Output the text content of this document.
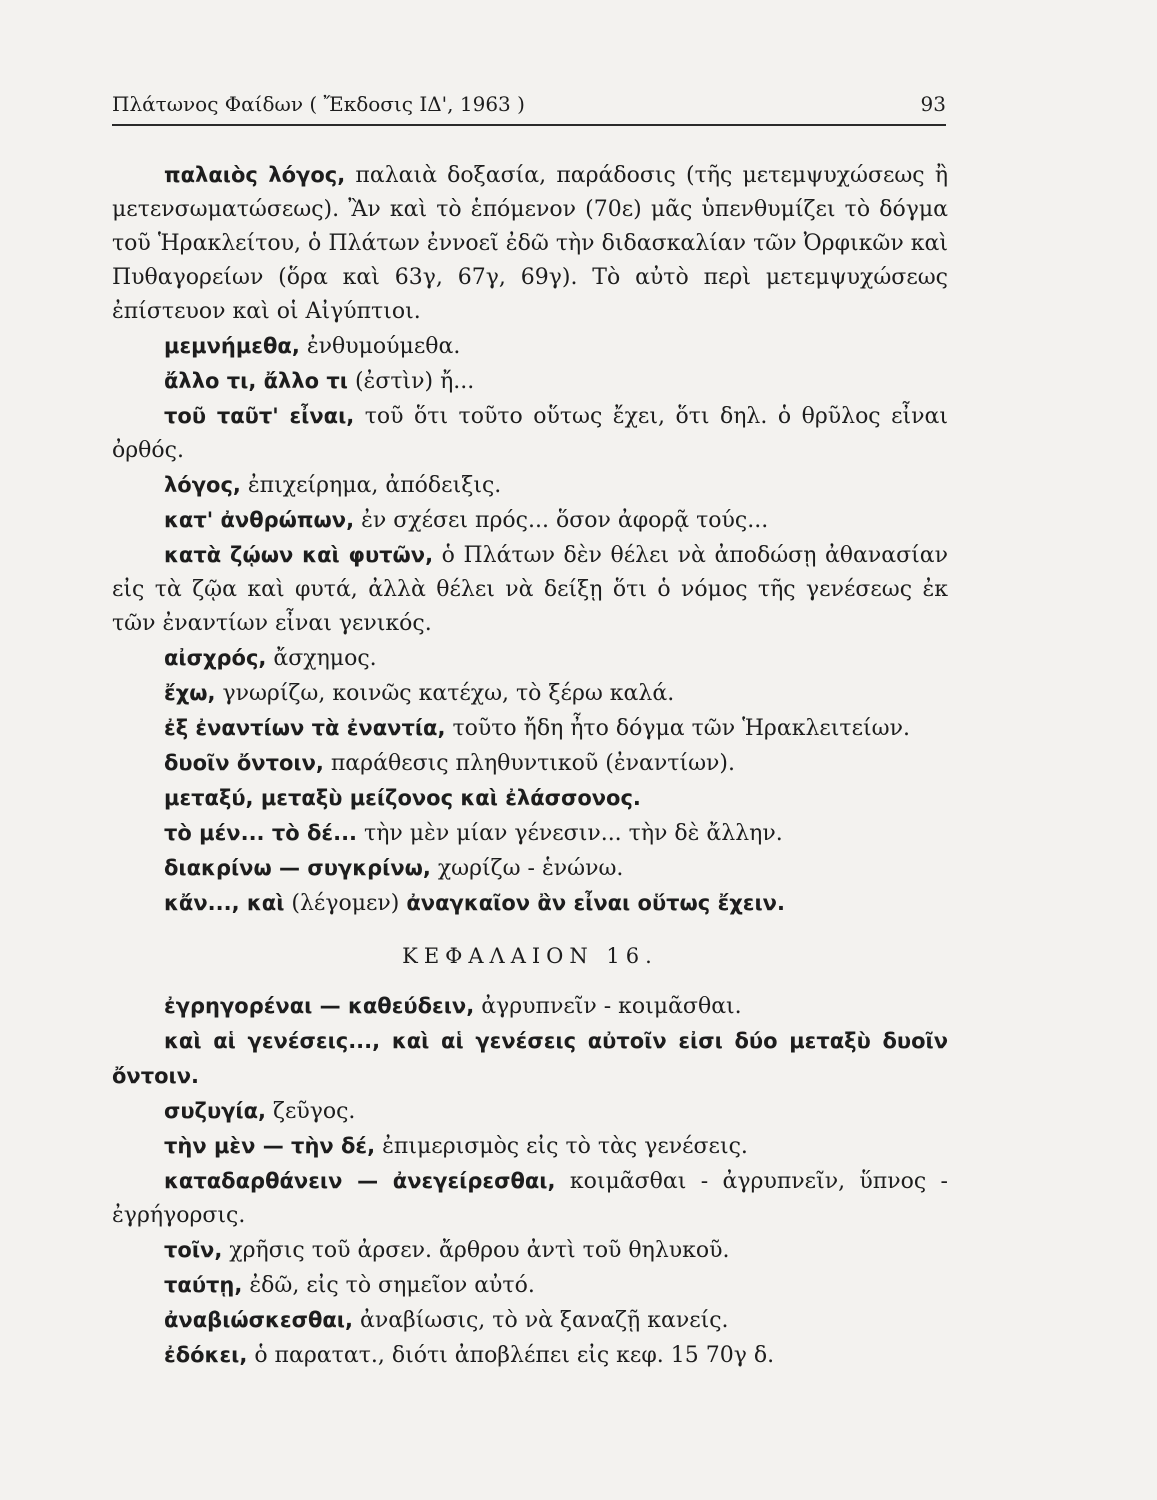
Πλάτωνος Φαίδων ( Ἔκδοσις ΙΔ', 1963 )	93

παλαιὸς λόγος, παλαιὰ δοξασία, παράδοσις (τῆς μετεμψυχώσεως ἢ μετενσωματώσεως). Ἂν καὶ τὸ ἑπόμενον (70ε) μᾶς ὑπενθυμίζει τὸ δόγμα τοῦ Ἡρακλείτου, ὁ Πλάτων ἐννοεῖ ἐδῶ τὴν διδασκαλίαν τῶν Ὀρφικῶν καὶ Πυθαγορείων (ὅρα καὶ 63γ, 67γ, 69γ). Τὸ αὐτὸ περὶ μετεμψυχώσεως ἐπίστευον καὶ οἱ Αἰγύπτιοι.

μεμνήμεθα, ἐνθυμούμεθα.

ἄλλο τι, ἄλλο τι (ἐστὶν) ἤ...

τοῦ ταῦτ' εἶναι, τοῦ ὅτι τοῦτο οὕτως ἔχει, ὅτι δηλ. ὁ θρῦλος εἶναι ὀρθός.

λόγος, ἐπιχείρημα, ἀπόδειξις.

κατ' ἀνθρώπων, ἐν σχέσει πρός... ὅσον ἀφορᾷ τούς...

κατὰ ζῴων καὶ φυτῶν, ὁ Πλάτων δὲν θέλει νὰ ἀποδώσῃ ἀθανασίαν εἰς τὰ ζῷα καὶ φυτά, ἀλλὰ θέλει νὰ δείξῃ ὅτι ὁ νόμος τῆς γενέσεως ἐκ τῶν ἐναντίων εἶναι γενικός.

αἰσχρός, ἄσχημος.

ἔχω, γνωρίζω, κοινῶς κατέχω, τὸ ξέρω καλά.

ἐξ ἐναντίων τὰ ἐναντία, τοῦτο ἤδη ἦτο δόγμα τῶν Ἡρακλειτείων.

δυοῖν ὄντοιν, παράθεσις πληθυντικοῦ (ἐναντίων).

μεταξύ, μεταξὺ μείζονος καὶ ἐλάσσονος.

τὸ μέν... τὸ δέ... τὴν μὲν μίαν γένεσιν... τὴν δὲ ἄλλην.

διακρίνω — συγκρίνω, χωρίζω - ἑνώνω.

κἄν..., καὶ (λέγομεν) ἀναγκαῖον ἂν εἶναι οὕτως ἔχειν.

ΚΕΦΑΛΑΙΟΝ 16.

ἐγρηγορέναι — καθεύδειν, ἀγρυπνεῖν - κοιμᾶσθαι.

καὶ αἱ γενέσεις..., καὶ αἱ γενέσεις αὐτοῖν εἰσι δύο μεταξὺ δυοῖν ὄντοιν.

συζυγία, ζεῦγος.

τὴν μὲν — τὴν δέ, ἐπιμερισμὸς εἰς τὸ τὰς γενέσεις.

καταδαρθάνειν — ἀνεγείρεσθαι, κοιμᾶσθαι - ἀγρυπνεῖν, ὕπνος - ἐγρήγορσις.

τοῖν, χρῆσις τοῦ ἀρσεν. ἄρθρου ἀντὶ τοῦ θηλυκοῦ.

ταύτῃ, ἐδῶ, εἰς τὸ σημεῖον αὐτό.

ἀναβιώσκεσθαι, ἀναβίωσις, τὸ νὰ ξαναζῇ κανείς.

ἐδόκει, ὁ παρατατ., διότι ἀποβλέπει εἰς κεφ. 15 70γ δ.
